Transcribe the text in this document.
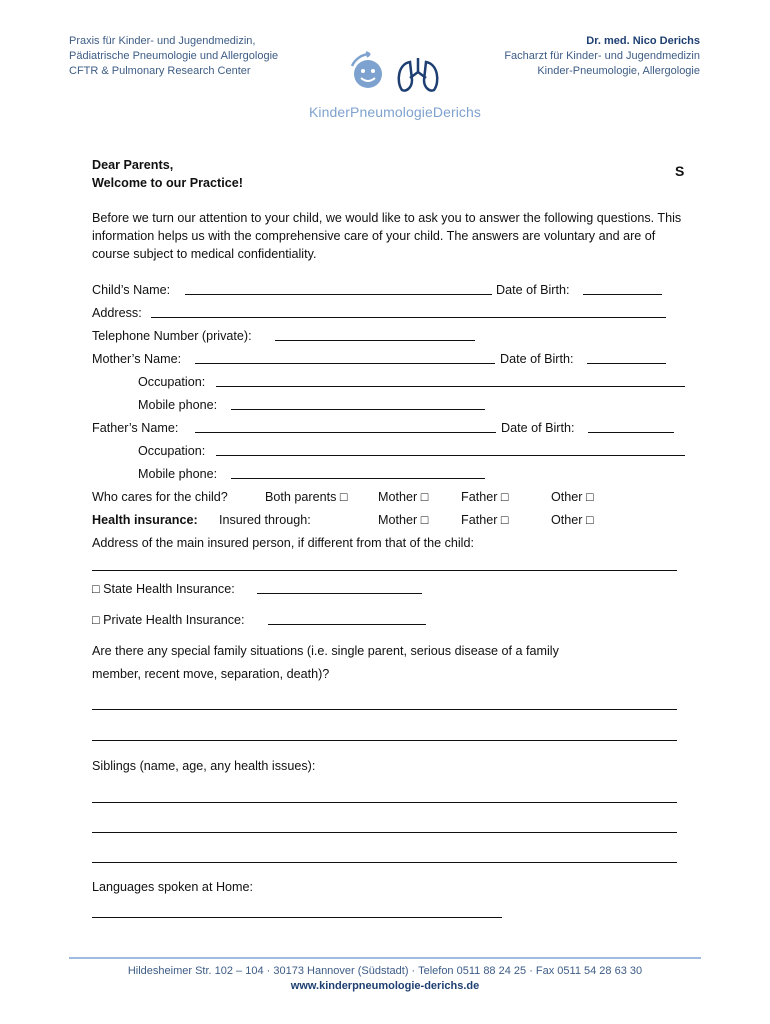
Praxis für Kinder- und Jugendmedizin,
Pädiatrische Pneumologie und Allergologie
CFTR & Pulmonary Research Center
Dr. med. Nico Derichs
Facharzt für Kinder- und Jugendmedizin
Kinder-Pneumologie, Allergologie
KinderPneumologieDerichs
Dear Parents,
Welcome to our Practice!
S
Before we turn our attention to your child, we would like to ask you to answer the following questions. This information helps us with the comprehensive care of your child. The answers are voluntary and are of course subject to medical confidentiality.
Child’s Name:	Date of Birth:
Address:
Telephone Number (private):
Mother’s Name:	Date of Birth:
Occupation:
Mobile phone:
Father’s Name:	Date of Birth:
Occupation:
Mobile phone:
Who cares for the child?	Both parents □ Mother □	Father □	Other □
Health insurance: Insured through:	Mother □	Father □	Other □
Address of the main insured person, if different from that of the child:
□ State Health Insurance:
□ Private Health Insurance:
Are there any special family situations (i.e. single parent, serious disease of a family
member, recent move, separation, death)?
Siblings (name, age, any health issues):
Languages spoken at Home:
Hildesheimer Str. 102 – 104 · 30173 Hannover (Südstadt) · Telefon 0511 88 24 25 · Fax 0511 54 28 63 30
www.kinderpneumologie-derichs.de
